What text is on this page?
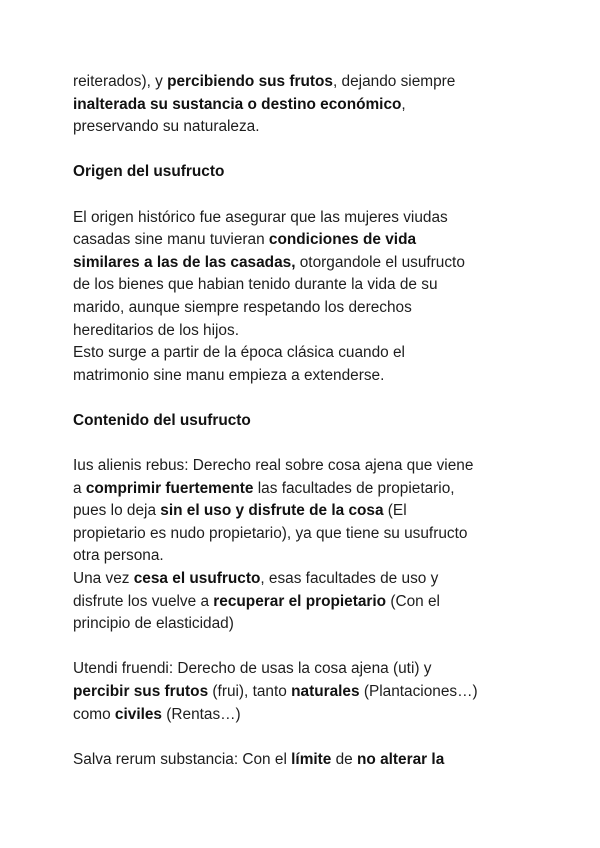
reiterados), y percibiendo sus frutos, dejando siempre
inalterada su sustancia o destino económico,
preservando su naturaleza.

Origen del usufructo

El origen histórico fue asegurar que las mujeres viudas
casadas sine manu tuvieran condiciones de vida
similares a las de las casadas, otorgandole el usufructo
de los bienes que habian tenido durante la vida de su
marido, aunque siempre respetando los derechos
hereditarios de los hijos.
Esto surge a partir de la época clásica cuando el
matrimonio sine manu empieza a extenderse.

Contenido del usufructo

Ius alienis rebus: Derecho real sobre cosa ajena que viene
a comprimir fuertemente las facultades de propietario,
pues lo deja sin el uso y disfrute de la cosa (El
propietario es nudo propietario), ya que tiene su usufructo
otra persona.
Una vez cesa el usufructo, esas facultades de uso y
disfrute los vuelve a recuperar el propietario (Con el
principio de elasticidad)

Utendi fruendi: Derecho de usas la cosa ajena (uti) y
percibir sus frutos (frui), tanto naturales (Plantaciones…)
como civiles (Rentas…)

Salva rerum substancia: Con el límite de no alterar la
